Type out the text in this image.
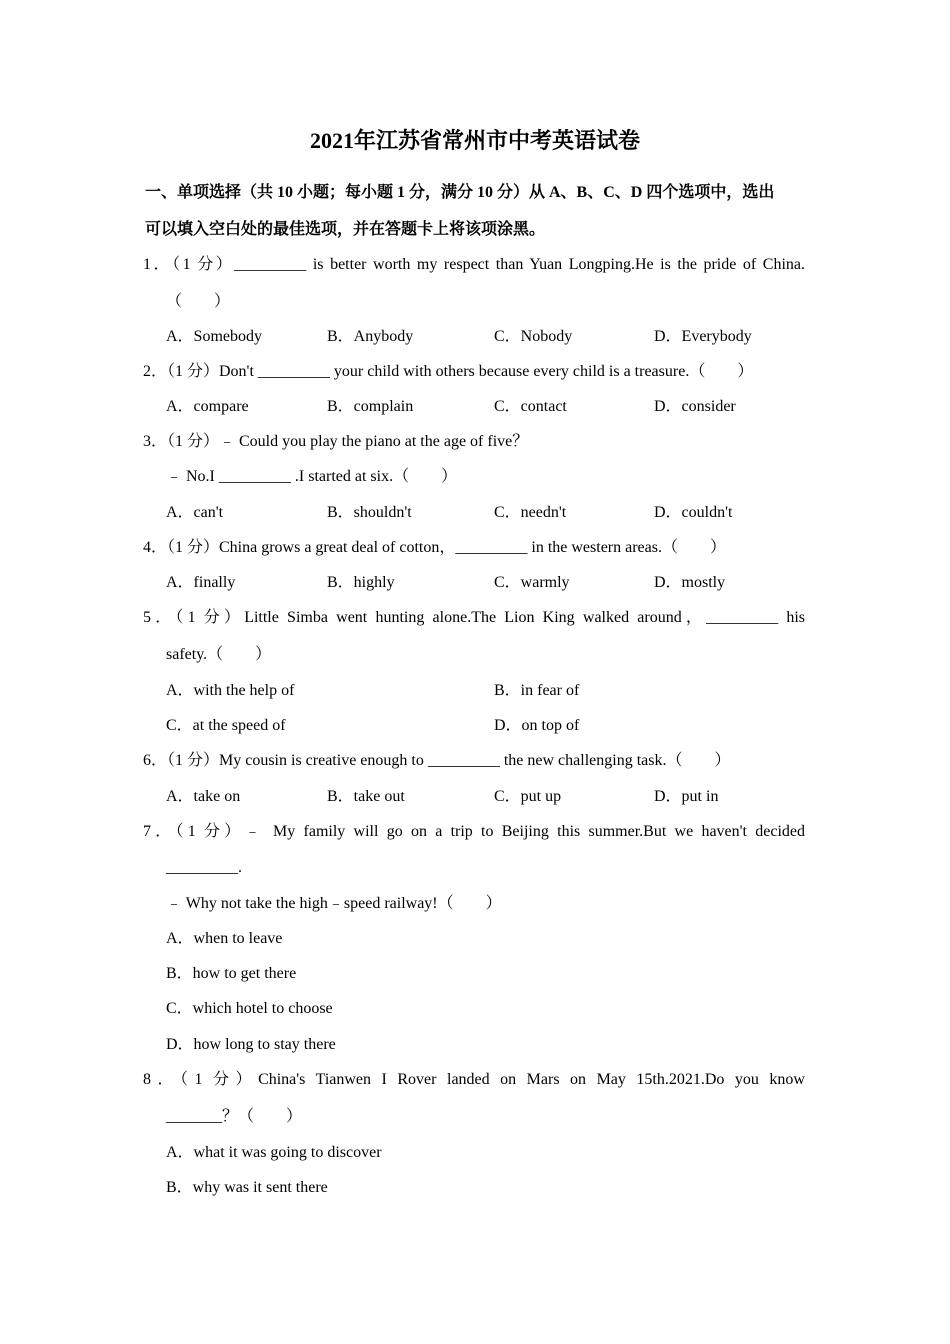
2021年江苏省常州市中考英语试卷
一、单项选择（共 10 小题；每小题 1 分，满分 10 分）从 A、B、C、D 四个选项中，选出
可以填入空白处的最佳选项，并在答题卡上将该项涂黑。
1．（1 分）_________ is better worth my respect than Yuan Longping.He is the pride of China.
（　　）
A．Somebody	B．Anybody	C．Nobody	D．Everybody
2．（1 分）Don't _________ your child with others because every child is a treasure.（　　）
A．compare	B．complain	C．contact	D．consider
3．（1 分）﹣ Could you play the piano at the age of five？
﹣ No.I _________ .I started at six.（　　）
A．can't	B．shouldn't	C．needn't	D．couldn't
4．（1 分）China grows a great deal of cotton，_________ in the western areas.（　　）
A．finally	B．highly	C．warmly	D．mostly
5．（1 分）Little Simba went hunting alone.The Lion King walked around，_________ his
safety.（　　）
A．with the help of	B．in fear of
C．at the speed of	D．on top of
6．（1 分）My cousin is creative enough to _________ the new challenging task.（　　）
A．take on	B．take out	C．put up	D．put in
7．（1 分）﹣ My family will go on a trip to Beijing this summer.But we haven't decided
_________.
﹣ Why not take the high﹣speed railway!（　　）
A．when to leave
B．how to get there
C．which hotel to choose
D．how long to stay there
8．（1 分）China's Tianwen I Rover landed on Mars on May 15th.2021.Do you know
_______？（　　）
A．what it was going to discover
B．why was it sent there
